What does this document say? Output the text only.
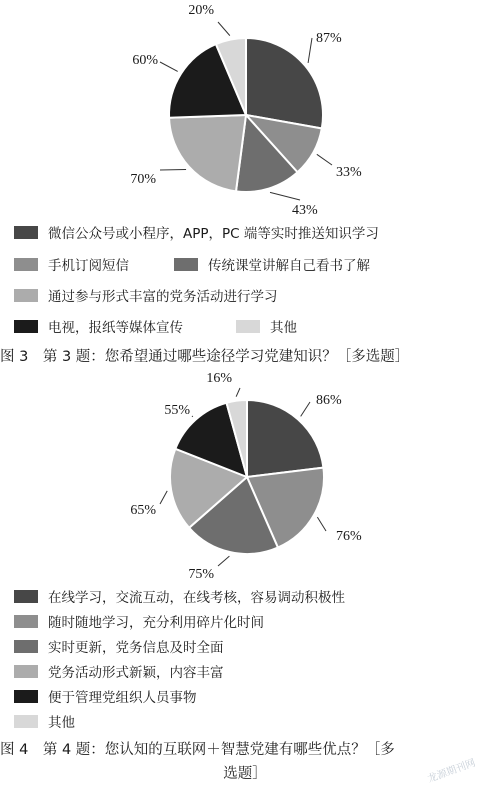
87%
33%
43%
70%
60%
20%
微信公众号或小程序，APP，PC 端等实时推送知识学习
手机订阅短信	传统课堂讲解自己看书了解
通过参与形式丰富的党务活动进行学习
电视，报纸等媒体宣传	其他
图 3　第 3 题：您希望通过哪些途径学习党建知识？［多选题］
86%
76%
75%
65%
55%
16%
在线学习，交流互动，在线考核，容易调动积极性
随时随地学习，充分利用碎片化时间
实时更新，党务信息及时全面
党务活动形式新颖，内容丰富
便于管理党组织人员事物
其他
图 4　第 4 题：您认知的互联网＋智慧党建有哪些优点？［多
选题］	龙源期刊网
